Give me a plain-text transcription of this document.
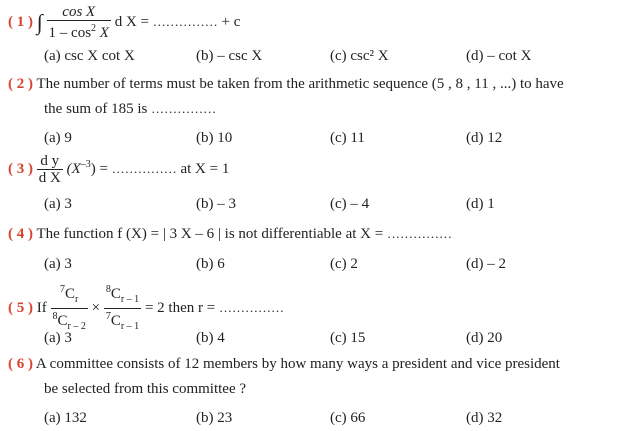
( 1 ) ∫ $\frac{\text{cos X}}{1 - \cos^2 X}$ d X = …………… + c
(a) csc X cot X	(b) – csc X	(c) csc² X	(d) – cot X
( 2 ) The number of terms must be taken from the arithmetic sequence (5 , 8 , 11 , ...) to have
the sum of 185 is ……………
(a) 9	(b) 10	(c) 11	(d) 12
( 3 ) $\frac{\text{d y}}{\text{d X}} (X^{-3})$ = …………… at X = 1
(a) 3	(b) – 3	(c) – 4	(d) 1
( 4 ) The function f (X) = | 3 X – 6 | is not differentiable at X = ……………
(a) 3	(b) 6	(c) 2	(d) – 2
( 5 ) If $\frac{^7C_r}{^8C_{r - 2}} \times \frac{^8C_{r - 1}}{^7C_{r - 1}} = 2$ then r = ……………
(a) 3	(b) 4	(c) 15	(d) 20
( 6 ) A committee consists of 12 members by how many ways a president and vice president
be selected from this committee ?
(a) 132	(b) 23	(c) 66	(d) 32
